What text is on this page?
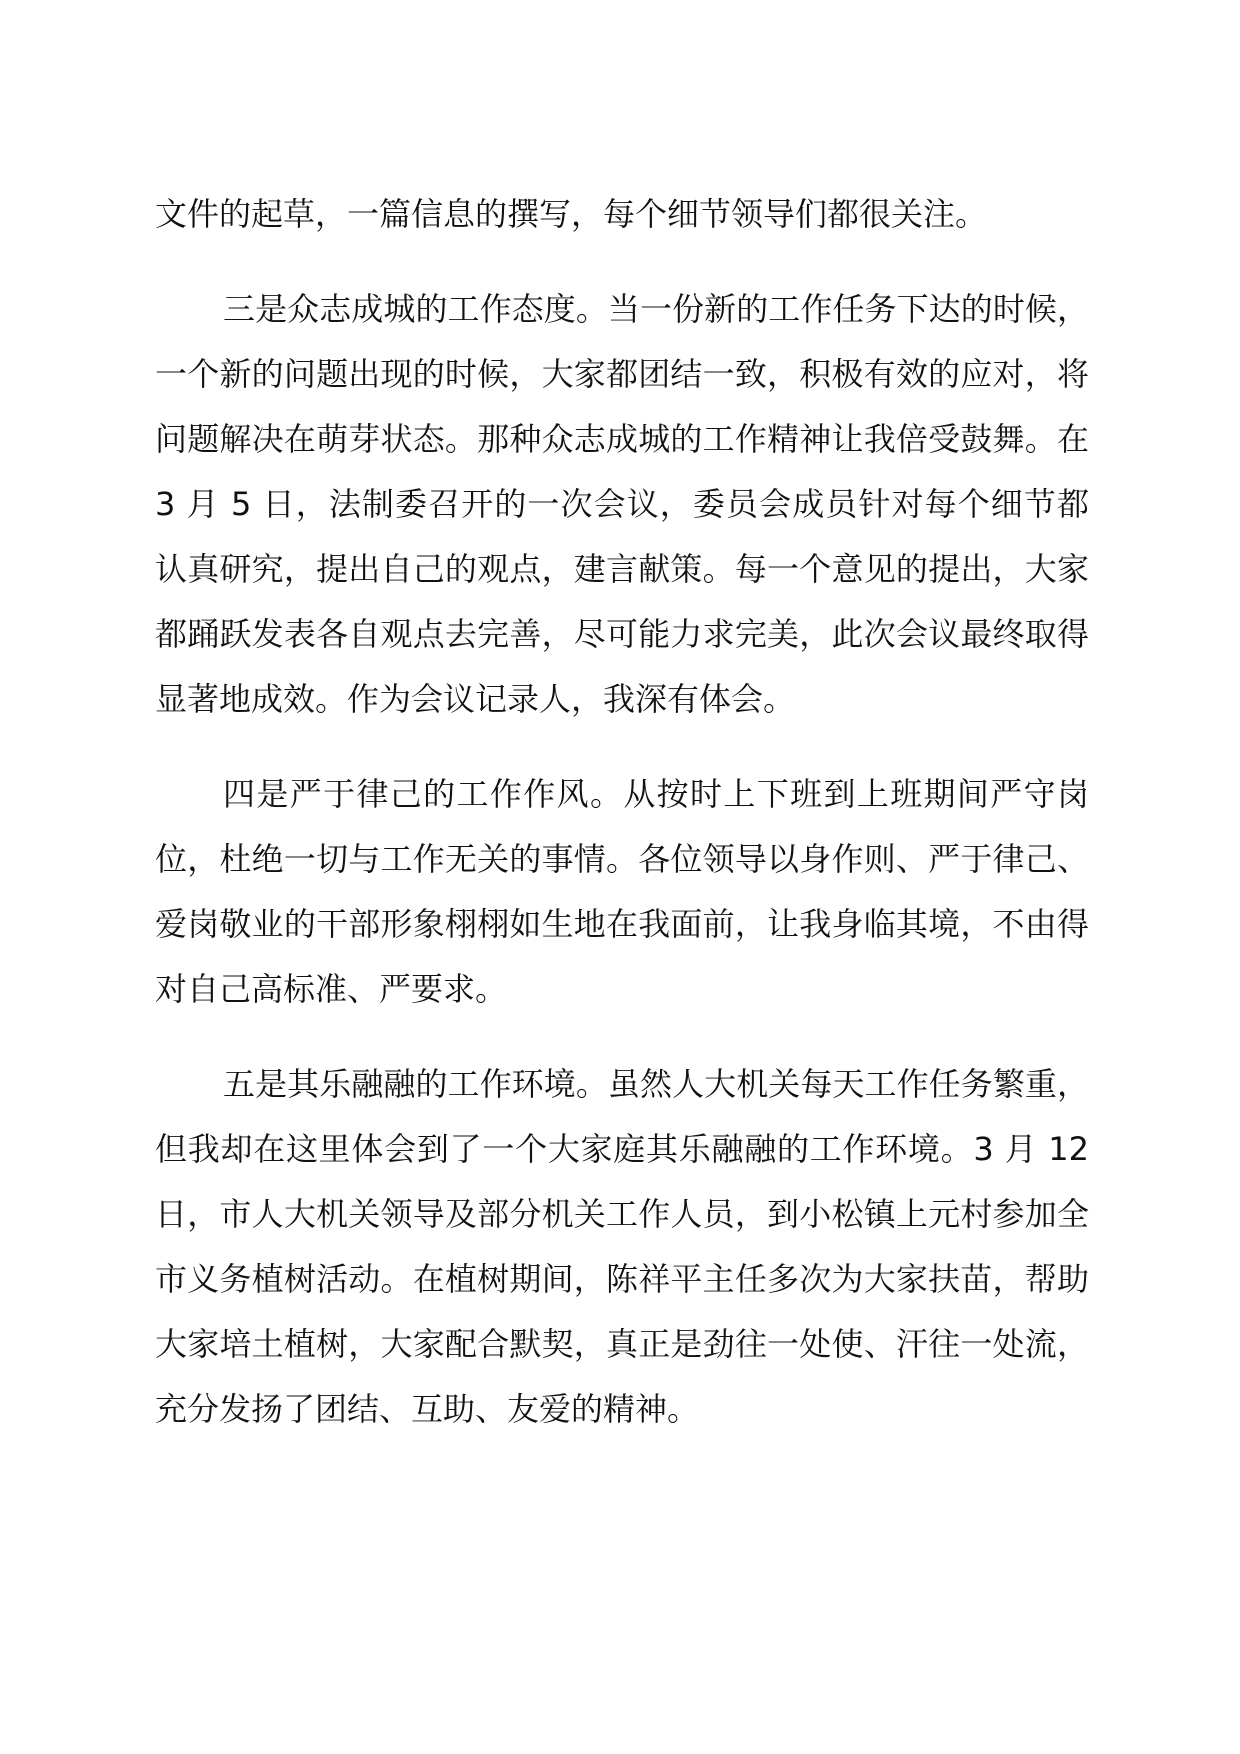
文件的起草，一篇信息的撰写，每个细节领导们都很关注。

三是众志成城的工作态度。当一份新的工作任务下达的时候，一个新的问题出现的时候，大家都团结一致，积极有效的应对，将问题解决在萌芽状态。那种众志成城的工作精神让我倍受鼓舞。在 3 月 5 日，法制委召开的一次会议，委员会成员针对每个细节都认真研究，提出自己的观点，建言献策。每一个意见的提出，大家都踊跃发表各自观点去完善，尽可能力求完美，此次会议最终取得显著地成效。作为会议记录人，我深有体会。

四是严于律己的工作作风。从按时上下班到上班期间严守岗位，杜绝一切与工作无关的事情。各位领导以身作则、严于律己、爱岗敬业的干部形象栩栩如生地在我面前，让我身临其境，不由得对自己高标准、严要求。

五是其乐融融的工作环境。虽然人大机关每天工作任务繁重，但我却在这里体会到了一个大家庭其乐融融的工作环境。3 月 12 日，市人大机关领导及部分机关工作人员，到小松镇上元村参加全市义务植树活动。在植树期间，陈祥平主任多次为大家扶苗，帮助大家培土植树，大家配合默契，真正是劲往一处使、汗往一处流，充分发扬了团结、互助、友爱的精神。
